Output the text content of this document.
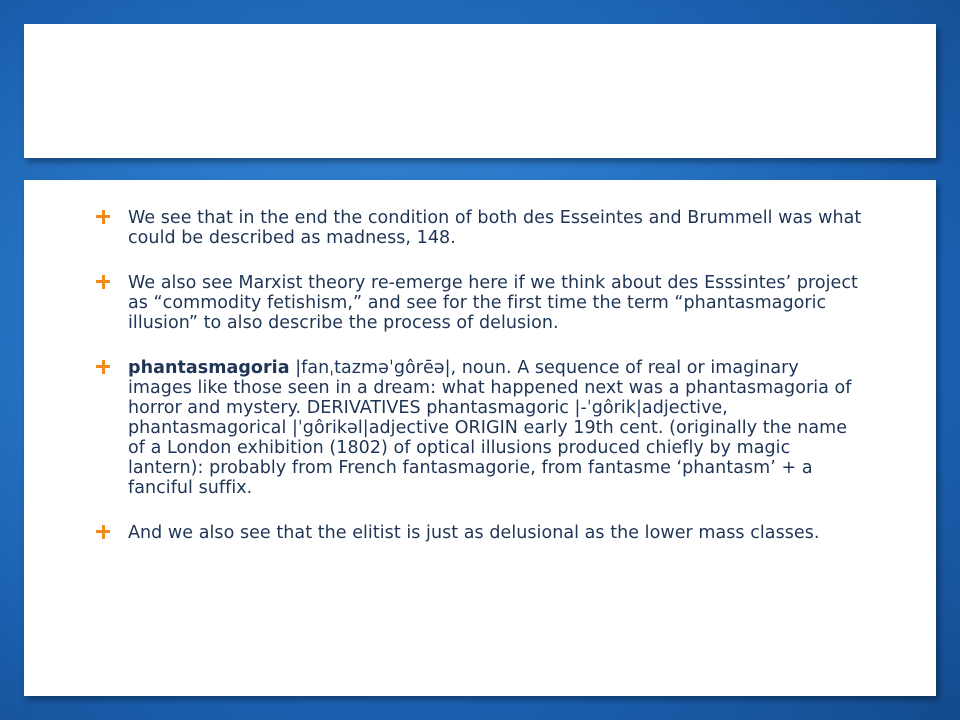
We see that in the end the condition of both des Esseintes and Brummell was what could be described as madness, 148.
We also see Marxist theory re-emerge here if we think about des Esssintes’ project as “commodity fetishism,” and see for the first time the term “phantasmagoric illusion” to also describe the process of delusion.
phantasmagoria |fanˌtazməˈgôrēə|, noun. A sequence of real or imaginary images like those seen in a dream: what happened next was a phantasmagoria of horror and mystery. DERIVATIVES phantasmagoric |-ˈgôrik|adjective, phantasmagorical |ˈgôrikəl|adjective ORIGIN early 19th cent. (originally the name of a London exhibition (1802) of optical illusions produced chiefly by magic lantern): probably from French fantasmagorie, from fantasme ‘phantasm’ + a fanciful suffix.
And we also see that the elitist is just as delusional as the lower mass classes.
